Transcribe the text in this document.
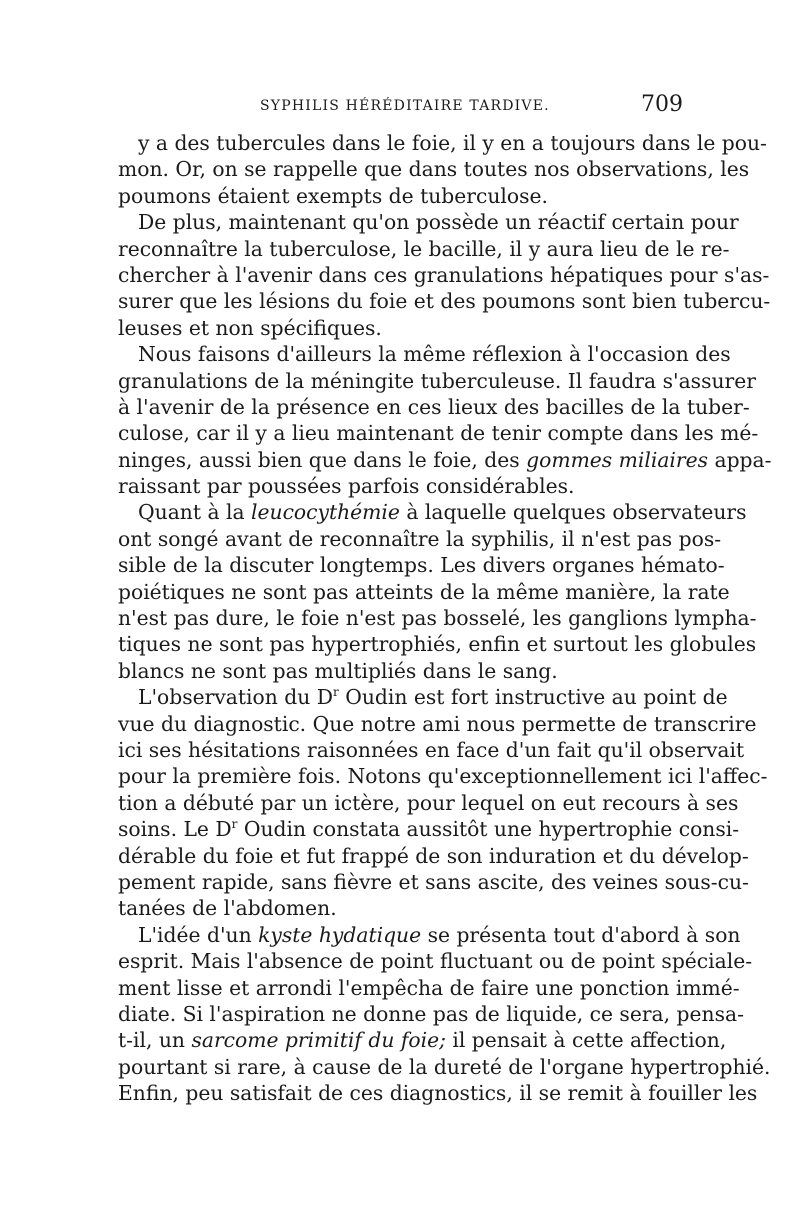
SYPHILIS HÉRÉDITAIRE TARDIVE.	709
y a des tubercules dans le foie, il y en a toujours dans le pou-
mon. Or, on se rappelle que dans toutes nos observations, les
poumons étaient exempts de tuberculose.
De plus, maintenant qu'on possède un réactif certain pour
reconnaître la tuberculose, le bacille, il y aura lieu de le re-
chercher à l'avenir dans ces granulations hépatiques pour s'as-
surer que les lésions du foie et des poumons sont bien tubercu-
leuses et non spécifiques.
Nous faisons d'ailleurs la même réflexion à l'occasion des
granulations de la méningite tuberculeuse. Il faudra s'assurer
à l'avenir de la présence en ces lieux des bacilles de la tuber-
culose, car il y a lieu maintenant de tenir compte dans les mé-
ninges, aussi bien que dans le foie, des gommes miliaires appa-
raissant par poussées parfois considérables.
Quant à la leucocythémie à laquelle quelques observateurs
ont songé avant de reconnaître la syphilis, il n'est pas pos-
sible de la discuter longtemps. Les divers organes hémato-
poiétiques ne sont pas atteints de la même manière, la rate
n'est pas dure, le foie n'est pas bosselé, les ganglions lympha-
tiques ne sont pas hypertrophiés, enfin et surtout les globules
blancs ne sont pas multipliés dans le sang.
L'observation du $D^r$ Oudin est fort instructive au point de
vue du diagnostic. Que notre ami nous permette de transcrire
ici ses hésitations raisonnées en face d'un fait qu'il observait
pour la première fois. Notons qu'exceptionnellement ici l'affec-
tion a débuté par un ictère, pour lequel on eut recours à ses
soins. Le $D^r$ Oudin constata aussitôt une hypertrophie consi-
dérable du foie et fut frappé de son induration et du dévelop-
pement rapide, sans fièvre et sans ascite, des veines sous-cu-
tanées de l'abdomen.
L'idée d'un kyste hydatique se présenta tout d'abord à son
esprit. Mais l'absence de point fluctuant ou de point spéciale-
ment lisse et arrondi l'empêcha de faire une ponction immé-
diate. Si l'aspiration ne donne pas de liquide, ce sera, pensa-
t-il, un sarcome primitif du foie; il pensait à cette affection,
pourtant si rare, à cause de la dureté de l'organe hypertrophié.
Enfin, peu satisfait de ces diagnostics, il se remit à fouiller les
